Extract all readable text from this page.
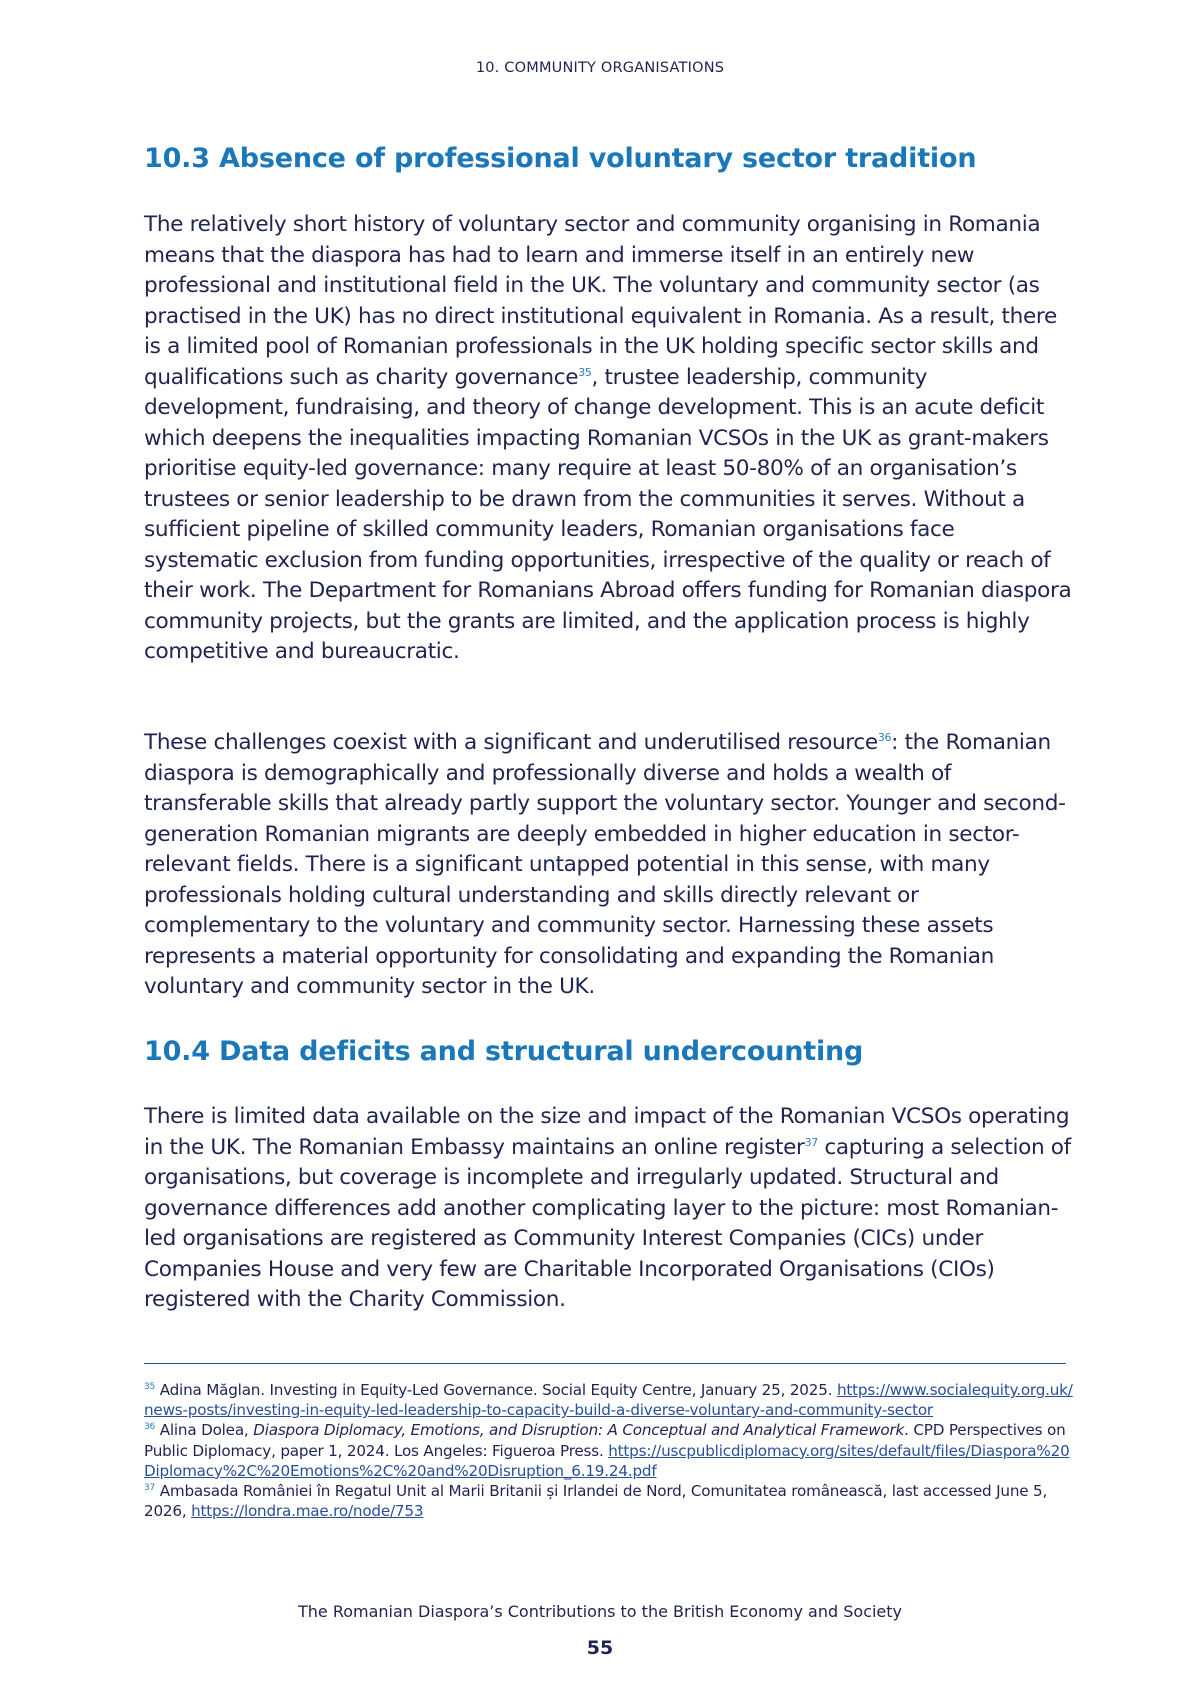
10. COMMUNITY ORGANISATIONS
10.3 Absence of professional voluntary sector tradition

The relatively short history of voluntary sector and community organising in Romania means that the diaspora has had to learn and immerse itself in an entirely new professional and institutional field in the UK. The voluntary and community sector (as practised in the UK) has no direct institutional equivalent in Romania. As a result, there is a limited pool of Romanian professionals in the UK holding specific sector skills and qualifications such as charity governance$^{35}$, trustee leadership, community development, fundraising, and theory of change development. This is an acute deficit which deepens the inequalities impacting Romanian VCSOs in the UK as grant-makers prioritise equity-led governance: many require at least 50-80% of an organisation’s trustees or senior leadership to be drawn from the communities it serves. Without a sufficient pipeline of skilled community leaders, Romanian organisations face systematic exclusion from funding opportunities, irrespective of the quality or reach of their work. The Department for Romanians Abroad offers funding for Romanian diaspora community projects, but the grants are limited, and the application process is highly competitive and bureaucratic.

These challenges coexist with a significant and underutilised resource$^{36}$: the Romanian diaspora is demographically and professionally diverse and holds a wealth of transferable skills that already partly support the voluntary sector. Younger and second-generation Romanian migrants are deeply embedded in higher education in sector-relevant fields. There is a significant untapped potential in this sense, with many professionals holding cultural understanding and skills directly relevant or complementary to the voluntary and community sector. Harnessing these assets represents a material opportunity for consolidating and expanding the Romanian voluntary and community sector in the UK.

10.4 Data deficits and structural undercounting

There is limited data available on the size and impact of the Romanian VCSOs operating in the UK. The Romanian Embassy maintains an online register$^{37}$ capturing a selection of organisations, but coverage is incomplete and irregularly updated. Structural and governance differences add another complicating layer to the picture: most Romanian-led organisations are registered as Community Interest Companies (CICs) under Companies House and very few are Charitable Incorporated Organisations (CIOs) registered with the Charity Commission.

$^{35}$ Adina Măglan. Investing in Equity-Led Governance. Social Equity Centre, January 25, 2025. https://www.socialequity.org.uk/news-posts/investing-in-equity-led-leadership-to-capacity-build-a-diverse-voluntary-and-community-sector

$^{36}$ Alina Dolea, Diaspora Diplomacy, Emotions, and Disruption: A Conceptual and Analytical Framework. CPD Perspectives on Public Diplomacy, paper 1, 2024. Los Angeles: Figueroa Press. https://uscpublicdiplomacy.org/sites/default/files/Diaspora%20Diplomacy%2C%20Emotions%2C%20and%20Disruption_6.19.24.pdf

$^{37}$ Ambasada României în Regatul Unit al Marii Britanii și Irlandei de Nord, Comunitatea românească, last accessed June 5, 2026, https://londra.mae.ro/node/753

The Romanian Diaspora’s Contributions to the British Economy and Society
55
